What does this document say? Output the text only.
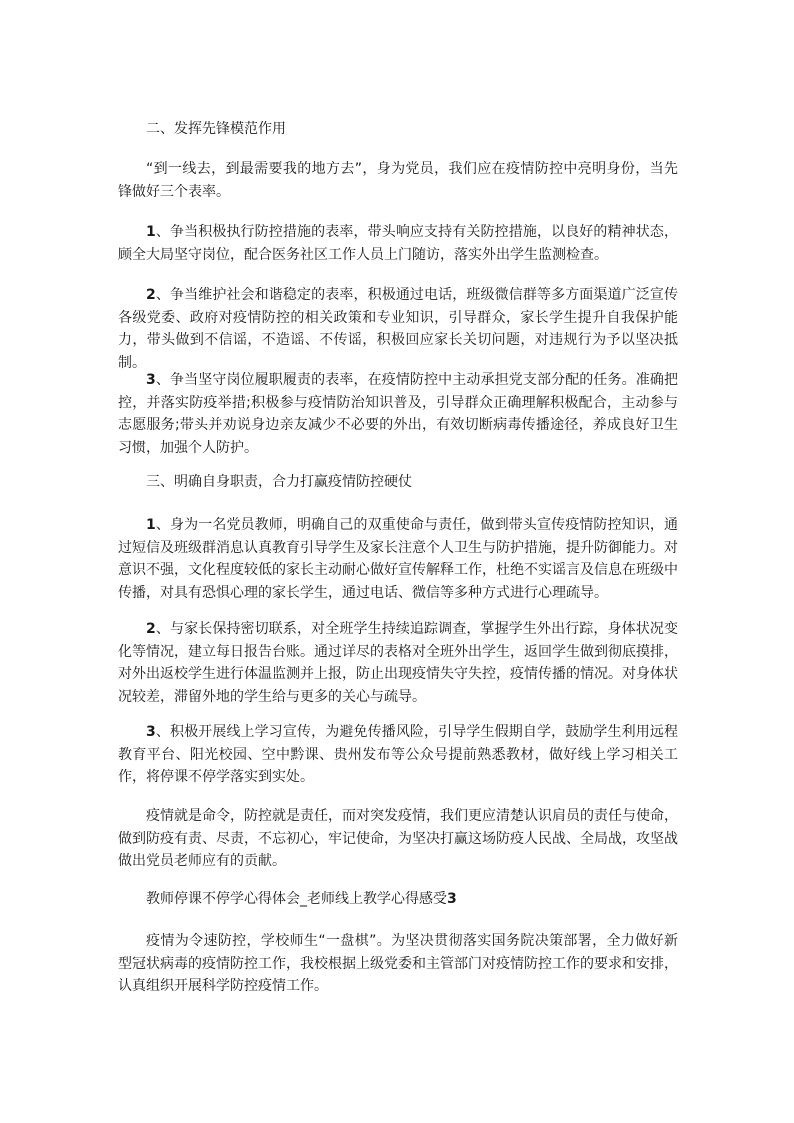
二、发挥先锋模范作用

“到一线去，到最需要我的地方去”，身为党员，我们应在疫情防控中亮明身份，当先锋做好三个表率。

1、争当积极执行防控措施的表率，带头响应支持有关防控措施，以良好的精神状态，顾全大局坚守岗位，配合医务社区工作人员上门随访，落实外出学生监测检查。

2、争当维护社会和谐稳定的表率，积极通过电话，班级微信群等多方面渠道广泛宣传各级党委、政府对疫情防控的相关政策和专业知识，引导群众，家长学生提升自我保护能力，带头做到不信谣，不造谣、不传谣，积极回应家长关切问题，对违规行为予以坚决抵制。

3、争当坚守岗位履职履责的表率，在疫情防控中主动承担党支部分配的任务。准确把控，并落实防疫举措;积极参与疫情防治知识普及，引导群众正确理解积极配合，主动参与志愿服务;带头并劝说身边亲友减少不必要的外出，有效切断病毒传播途径，养成良好卫生习惯，加强个人防护。

三、明确自身职责，合力打赢疫情防控硬仗

1、身为一名党员教师，明确自己的双重使命与责任，做到带头宣传疫情防控知识，通过短信及班级群消息认真教育引导学生及家长注意个人卫生与防护措施，提升防御能力。对意识不强，文化程度较低的家长主动耐心做好宣传解释工作，杜绝不实谣言及信息在班级中传播，对具有恐惧心理的家长学生，通过电话、微信等多种方式进行心理疏导。

2、与家长保持密切联系，对全班学生持续追踪调查，掌握学生外出行踪，身体状况变化等情况，建立每日报告台账。通过详尽的表格对全班外出学生，返回学生做到彻底摸排，对外出返校学生进行体温监测并上报，防止出现疫情失守失控，疫情传播的情况。对身体状况较差，滞留外地的学生给与更多的关心与疏导。

3、积极开展线上学习宣传，为避免传播风险，引导学生假期自学，鼓励学生利用远程教育平台、阳光校园、空中黔课、贵州发布等公众号提前熟悉教材，做好线上学习相关工作，将停课不停学落实到实处。

疫情就是命令，防控就是责任，而对突发疫情，我们更应清楚认识肩员的责任与使命，做到防疫有责、尽责，不忘初心，牢记使命，为坚决打赢这场防疫人民战、全局战，攻坚战做出党员老师应有的贡献。

教师停课不停学心得体会_老师线上教学心得感受3

疫情为令速防控，学校师生“一盘棋”。为坚决贯彻落实国务院决策部署，全力做好新型冠状病毒的疫情防控工作，我校根据上级党委和主管部门对疫情防控工作的要求和安排，认真组织开展科学防控疫情工作。
